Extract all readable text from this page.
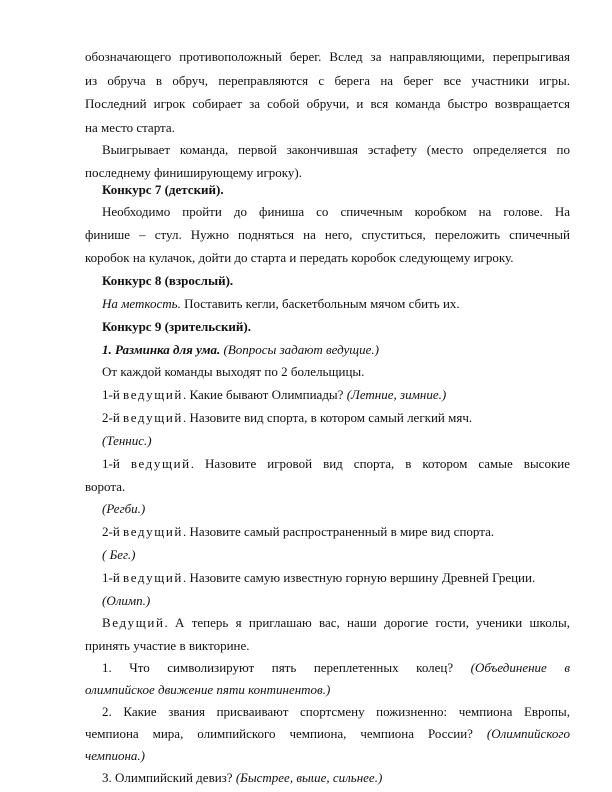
обозначающего противоположный берег. Вслед за направляющими, перепрыгивая
из обруча в обруч, переправляются с берега на берег все участники игры.
Последний игрок собирает за собой обручи, и вся команда быстро возвращается
на место старта.
Выигрывает команда, первой закончившая эстафету (место определяется по
последнему финиширующему игроку).
Конкурс 7 (детский).
Необходимо пройти до финиша со спичечным коробком на голове. На
финише – стул. Нужно подняться на него, спуститься, переложить спичечный
коробок на кулачок, дойти до старта и передать коробок следующему игроку.
Конкурс 8 (взрослый).
На меткость. Поставить кегли, баскетбольным мячом сбить их.
Конкурс 9 (зрительский).
1. Разминка для ума. (Вопросы задают ведущие.)
От каждой команды выходят по 2 болельщицы.
1-й ведущий. Какие бывают Олимпиады? (Летние, зимние.)
2-й ведущий. Назовите вид спорта, в котором самый легкий мяч.
(Теннис.)
1-й ведущий. Назовите игровой вид спорта, в котором самые высокие
ворота.
(Регби.)
2-й ведущий. Назовите самый распространенный в мире вид спорта.
( Бег.)
1-й ведущий. Назовите самую известную горную вершину Древней Греции.
(Олимп.)
Ведущий. А теперь я приглашаю вас, наши дорогие гости, ученики школы,
принять участие в викторине.
1. Что символизируют пять переплетенных колец? (Объединение в
олимпийское движение пяти континентов.)
2. Какие звания присваивают спортсмену пожизненно: чемпиона Европы,
чемпиона мира, олимпийского чемпиона, чемпиона России? (Олимпийского
чемпиона.)
3. Олимпийский девиз? (Быстрее, выше, сильнее.)
